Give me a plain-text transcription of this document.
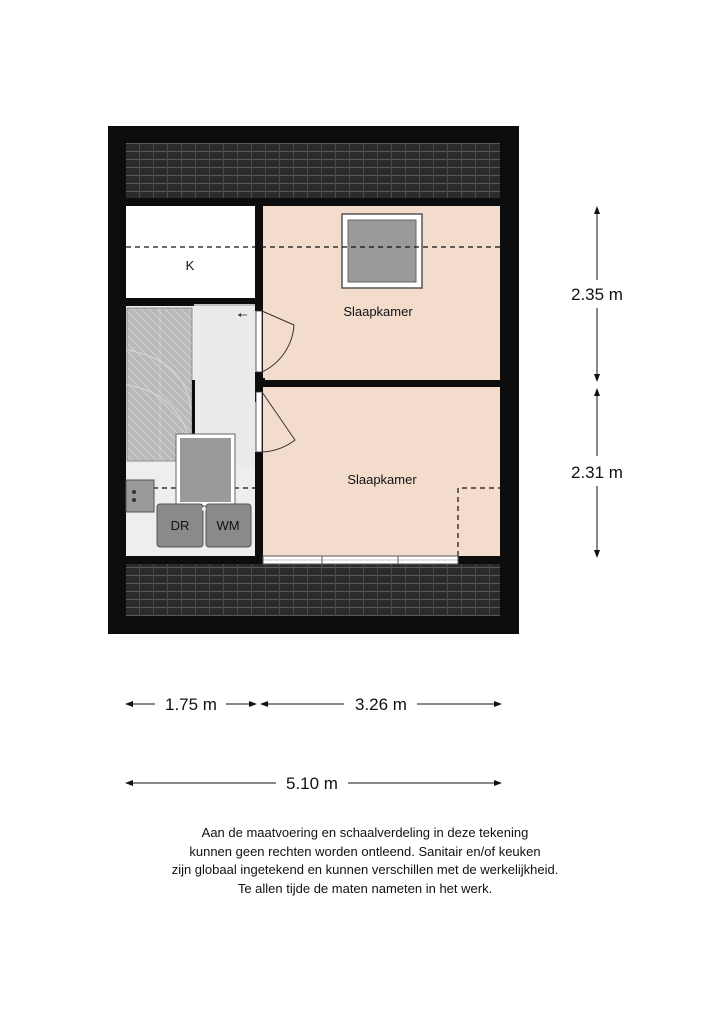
K
Slaapkamer
Slaapkamer
DR WM
2.35 m
2.31 m
1.75 m	3.26 m
5.10 m
Aan de maatvoering en schaalverdeling in deze tekening
kunnen geen rechten worden ontleend. Sanitair en/of keuken
zijn globaal ingetekend en kunnen verschillen met de werkelijkheid.
Te allen tijde de maten nameten in het werk.
